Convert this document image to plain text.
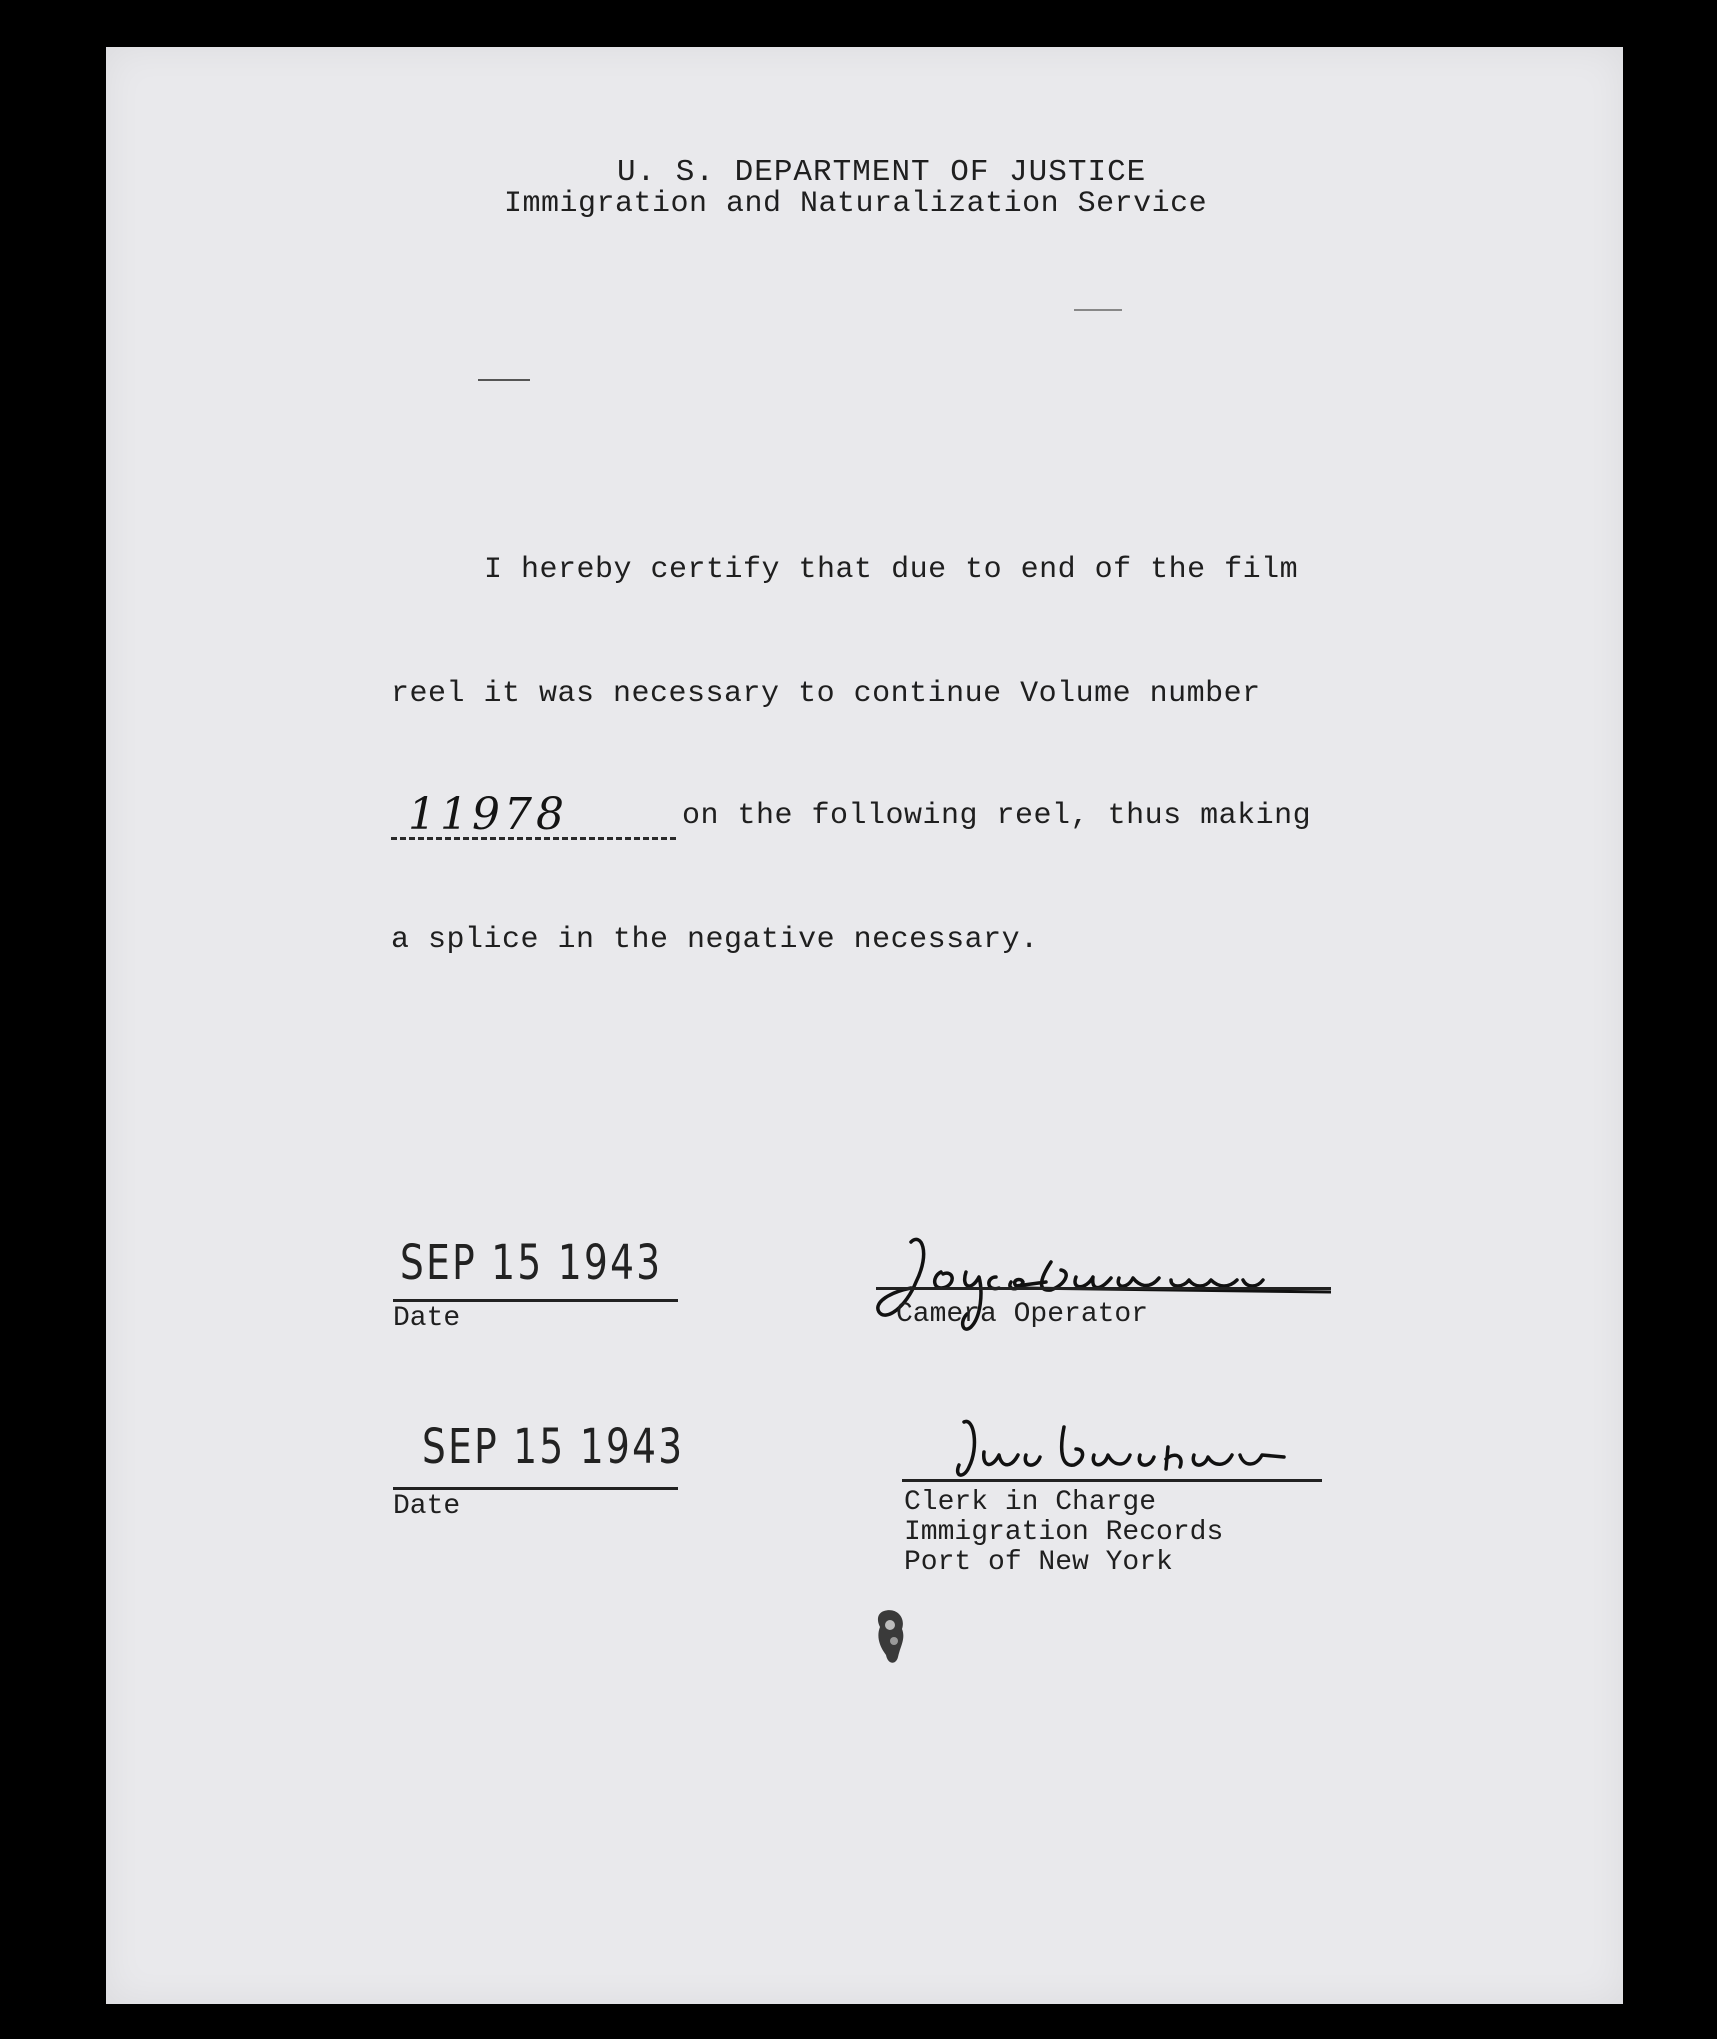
U. S. DEPARTMENT OF JUSTICE
Immigration and Naturalization Service
I hereby certify that due to end of the film
reel it was necessary to continue Volume number
11978	on the following reel, thus making
a splice in the negative necessary.
SEP 15 1943
Date	Camera Operator
SEP 15 1943
Date	Clerk in Charge
Immigration Records
Port of New York
